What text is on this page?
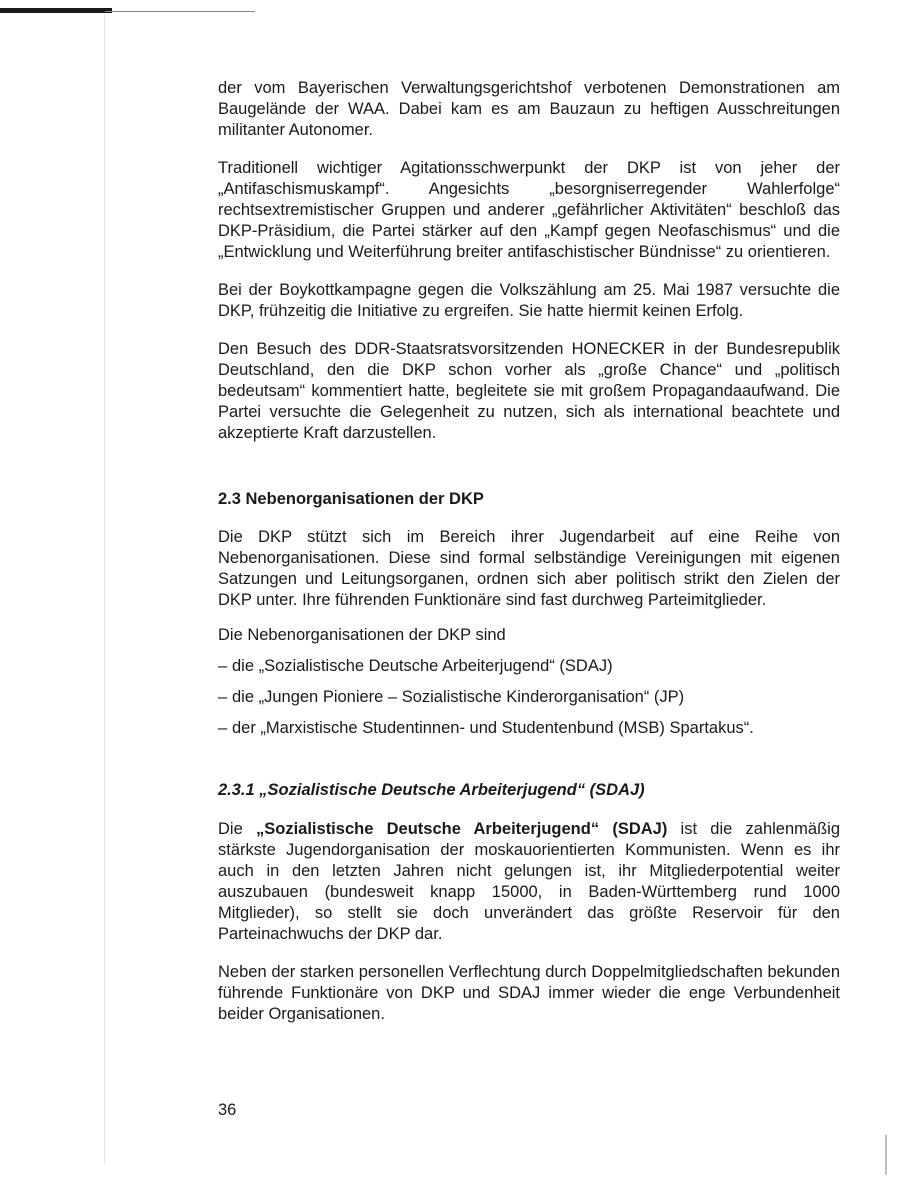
der vom Bayerischen Verwaltungsgerichtshof verbotenen Demonstrationen am Baugelände der WAA. Dabei kam es am Bauzaun zu heftigen Ausschreitungen militanter Autonomer.

Traditionell wichtiger Agitationsschwerpunkt der DKP ist von jeher der „Antifaschismuskampf“. Angesichts „besorgniserregender Wahlerfolge“ rechtsextremistischer Gruppen und anderer „gefährlicher Aktivitäten“ beschloß das DKP-Präsidium, die Partei stärker auf den „Kampf gegen Neofaschismus“ und die „Entwicklung und Weiterführung breiter antifaschistischer Bündnisse“ zu orientieren.

Bei der Boykottkampagne gegen die Volkszählung am 25. Mai 1987 versuchte die DKP, frühzeitig die Initiative zu ergreifen. Sie hatte hiermit keinen Erfolg.

Den Besuch des DDR-Staatsratsvorsitzenden HONECKER in der Bundesrepublik Deutschland, den die DKP schon vorher als „große Chance“ und „politisch bedeutsam“ kommentiert hatte, begleitete sie mit großem Propagandaaufwand. Die Partei versuchte die Gelegenheit zu nutzen, sich als international beachtete und akzeptierte Kraft darzustellen.

2.3 Nebenorganisationen der DKP

Die DKP stützt sich im Bereich ihrer Jugendarbeit auf eine Reihe von Nebenorganisationen. Diese sind formal selbständige Vereinigungen mit eigenen Satzungen und Leitungsorganen, ordnen sich aber politisch strikt den Zielen der DKP unter. Ihre führenden Funktionäre sind fast durchweg Parteimitglieder.

Die Nebenorganisationen der DKP sind

– die „Sozialistische Deutsche Arbeiterjugend“ (SDAJ)
– die „Jungen Pioniere – Sozialistische Kinderorganisation“ (JP)
– der „Marxistische Studentinnen- und Studentenbund (MSB) Spartakus“.
2.3.1 „Sozialistische Deutsche Arbeiterjugend“ (SDAJ)

Die „Sozialistische Deutsche Arbeiterjugend“ (SDAJ) ist die zahlenmäßig stärkste Jugendorganisation der moskauorientierten Kommunisten. Wenn es ihr auch in den letzten Jahren nicht gelungen ist, ihr Mitgliederpotential weiter auszubauen (bundesweit knapp 15000, in Baden-Württemberg rund 1000 Mitglieder), so stellt sie doch unverändert das größte Reservoir für den Parteinachwuchs der DKP dar.

Neben der starken personellen Verflechtung durch Doppelmitgliedschaften bekunden führende Funktionäre von DKP und SDAJ immer wieder die enge Verbundenheit beider Organisationen.

36
